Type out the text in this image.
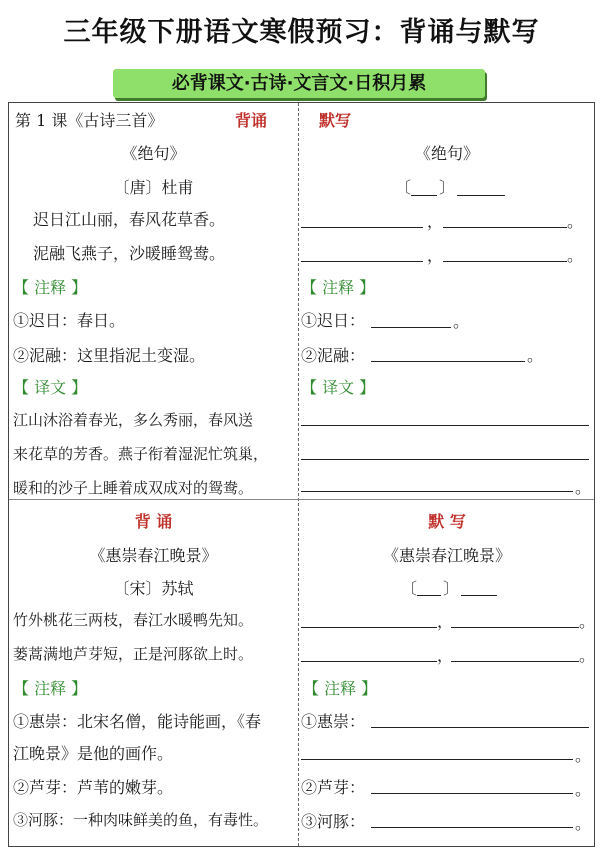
三年级下册语文寒假预习：背诵与默写
必背课文·古诗·文言文·日积月累
第 1 课《古诗三首》	背诵
《绝句》
〔唐〕杜甫
迟日江山丽，春风花草香。
泥融飞燕子，沙暖睡鸳鸯。
【 注释 】
①迟日：春日。
②泥融：这里指泥土变湿。
【 译文 】
江山沐浴着春光，多么秀丽，春风送
来花草的芳香。燕子衔着湿泥忙筑巢，
暖和的沙子上睡着成双成对的鸳鸯。
默写
《绝句》
〔 〕
，	。
，	。
【 注释 】
①迟日：	。
②泥融：	。
【 译文 】
。
背 诵
《惠崇春江晚景》
〔宋〕苏轼
竹外桃花三两枝，春江水暖鸭先知。
蒌蒿满地芦芽短，正是河豚欲上时。
【 注释 】
①惠崇：北宋名僧，能诗能画，《春
江晚景》是他的画作。
②芦芽：芦苇的嫩芽。
③河豚：一种肉味鲜美的鱼，有毒性。
默 写
《惠崇春江晚景》
〔 〕
，	。
，	。
【 注释 】
①惠崇：
。
②芦芽：	。
③河豚：	。
